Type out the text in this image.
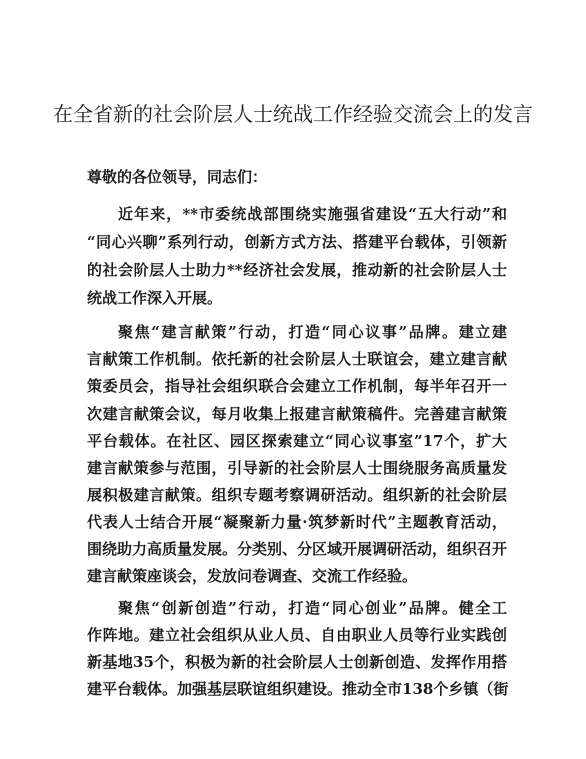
在全省新的社会阶层人士统战工作经验交流会上的发言

尊敬的各位领导，同志们：

近年来，**市委统战部围绕实施强省建设“五大行动”和

“同心兴聊”系列行动，创新方式方法、搭建平台载体，引领新

的社会阶层人士助力**经济社会发展，推动新的社会阶层人士

统战工作深入开展。

聚焦“建言献策”行动，打造“同心议事”品牌。建立建

言献策工作机制。依托新的社会阶层人士联谊会，建立建言献

策委员会，指导社会组织联合会建立工作机制，每半年召开一

次建言献策会议，每月收集上报建言献策稿件。完善建言献策

平台载体。在社区、园区探索建立“同心议事室”17个，扩大

建言献策参与范围，引导新的社会阶层人士围绕服务高质量发

展积极建言献策。组织专题考察调研活动。组织新的社会阶层

代表人士结合开展“凝聚新力量·筑梦新时代”主题教育活动，

围绕助力高质量发展。分类别、分区域开展调研活动，组织召开

建言献策座谈会，发放问卷调查、交流工作经验。

聚焦“创新创造”行动，打造“同心创业”品牌。健全工

作阵地。建立社会组织从业人员、自由职业人员等行业实践创

新基地35个，积极为新的社会阶层人士创新创造、发挥作用搭

建平台载体。加强基层联谊组织建设。推动全市138个乡镇（街
